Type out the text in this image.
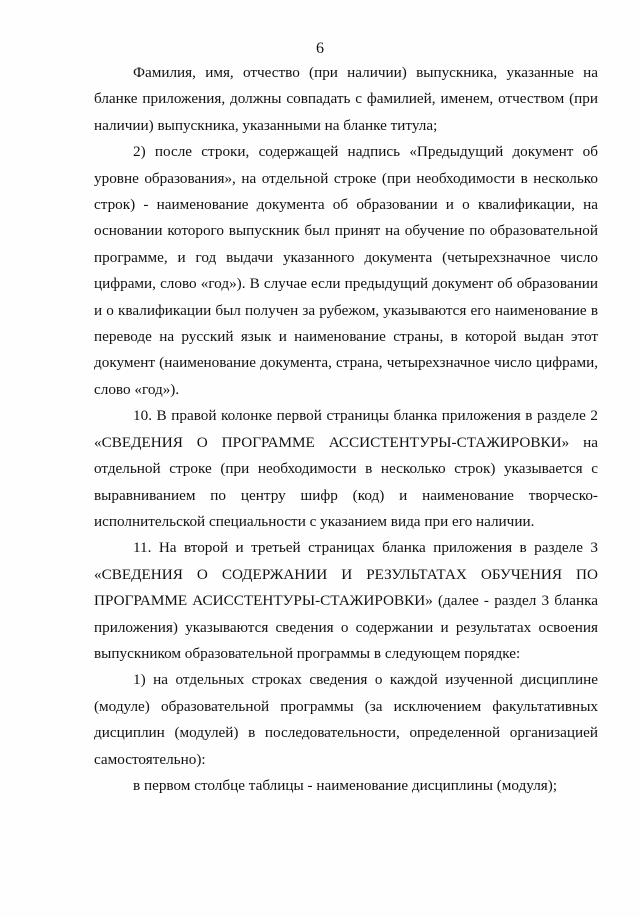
6

Фамилия, имя, отчество (при наличии) выпускника, указанные на бланке приложения, должны совпадать с фамилией, именем, отчеством (при наличии) выпускника, указанными на бланке титула;

2) после строки, содержащей надпись «Предыдущий документ об уровне образования», на отдельной строке (при необходимости в несколько строк) - наименование документа об образовании и о квалификации, на основании которого выпускник был принят на обучение по образовательной программе, и год выдачи указанного документа (четырехзначное число цифрами, слово «год»). В случае если предыдущий документ об образовании и о квалификации был получен за рубежом, указываются его наименование в переводе на русский язык и наименование страны, в которой выдан этот документ (наименование документа, страна, четырехзначное число цифрами, слово «год»).

10. В правой колонке первой страницы бланка приложения в разделе 2 «СВЕДЕНИЯ О ПРОГРАММЕ АССИСТЕНТУРЫ-СТАЖИРОВКИ» на отдельной строке (при необходимости в несколько строк) указывается с выравниванием по центру шифр (код) и наименование творческо-исполнительской специальности с указанием вида при его наличии.

11. На второй и третьей страницах бланка приложения в разделе 3 «СВЕДЕНИЯ О СОДЕРЖАНИИ И РЕЗУЛЬТАТАХ ОБУЧЕНИЯ ПО ПРОГРАММЕ АСИССТЕНТУРЫ-СТАЖИРОВКИ» (далее - раздел 3 бланка приложения) указываются сведения о содержании и результатах освоения выпускником образовательной программы в следующем порядке:

1) на отдельных строках сведения о каждой изученной дисциплине (модуле) образовательной программы (за исключением факультативных дисциплин (модулей) в последовательности, определенной организацией самостоятельно):

в первом столбце таблицы - наименование дисциплины (модуля);
